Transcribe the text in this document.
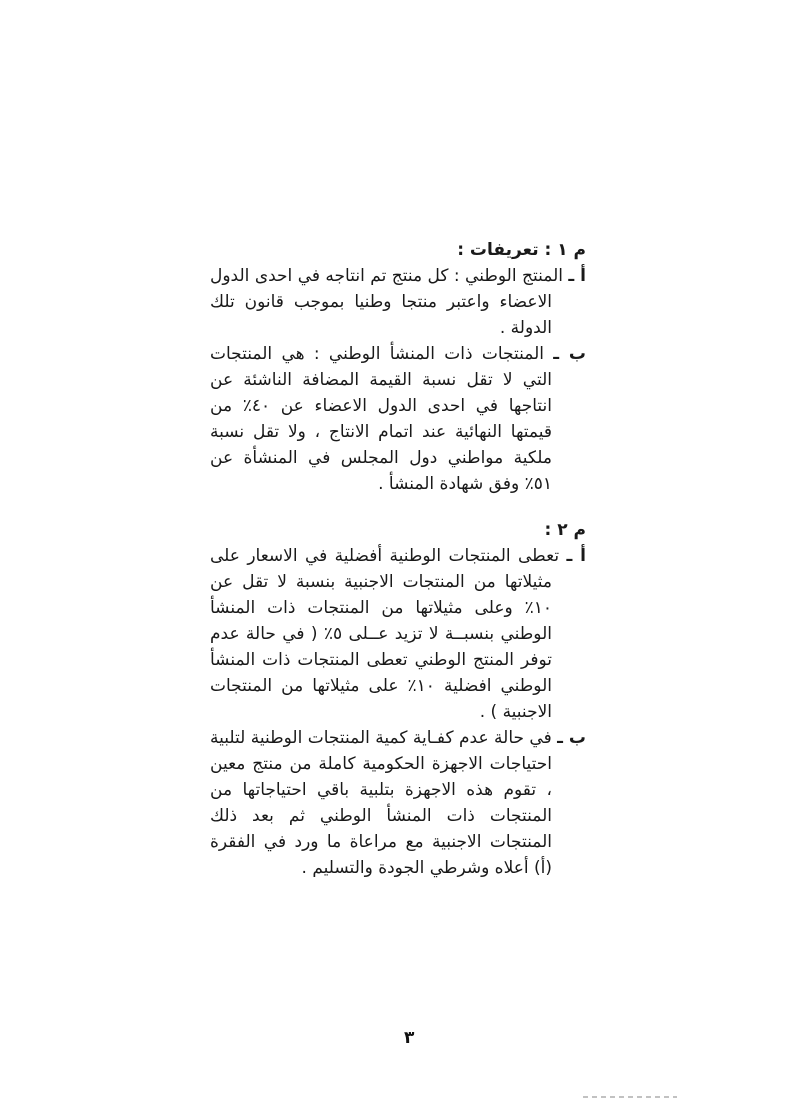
م ١ : تعريفات :
أ ـ المنتج الوطني : كل منتج تم انتاجه في احدى الدول الاعضاء واعتبر منتجا وطنيا بموجب قانون تلك الدولة .
ب ـ المنتجات ذات المنشأ الوطني : هي المنتجات التي لا تقل نسبة القيمة المضافة الناشئة عن انتاجها في احدى الدول الاعضاء عن ٤٠٪ من قيمتها النهائية عند اتمام الانتاج ، ولا تقل نسبة ملكية مواطني دول المجلس في المنشأة عن ٥١٪ وفق شهادة المنشأ .
م ٢ :
أ ـ تعطى المنتجات الوطنية أفضلية في الاسعار على مثيلاتها من المنتجات الاجنبية بنسبة لا تقل عن ١٠٪ وعلى مثيلاتها من المنتجات ذات المنشأ الوطني بنسبــة لا تزيد عــلى ٥٪ ( في حالة عدم توفر المنتج الوطني تعطى المنتجات ذات المنشأ الوطني افضلية ١٠٪ على مثيلاتها من المنتجات الاجنبية ) .
ب ـ في حالة عدم كفـاية كمية المنتجات الوطنية لتلبية احتياجات الاجهزة الحكومية كاملة من منتج معين ، تقوم هذه الاجهزة بتلبية باقي احتياجاتها من المنتجات ذات المنشأ الوطني ثم بعد ذلك المنتجات الاجنبية مع مراعاة ما ورد في الفقرة (أ) أعلاه وشرطي الجودة والتسليم .
٣
